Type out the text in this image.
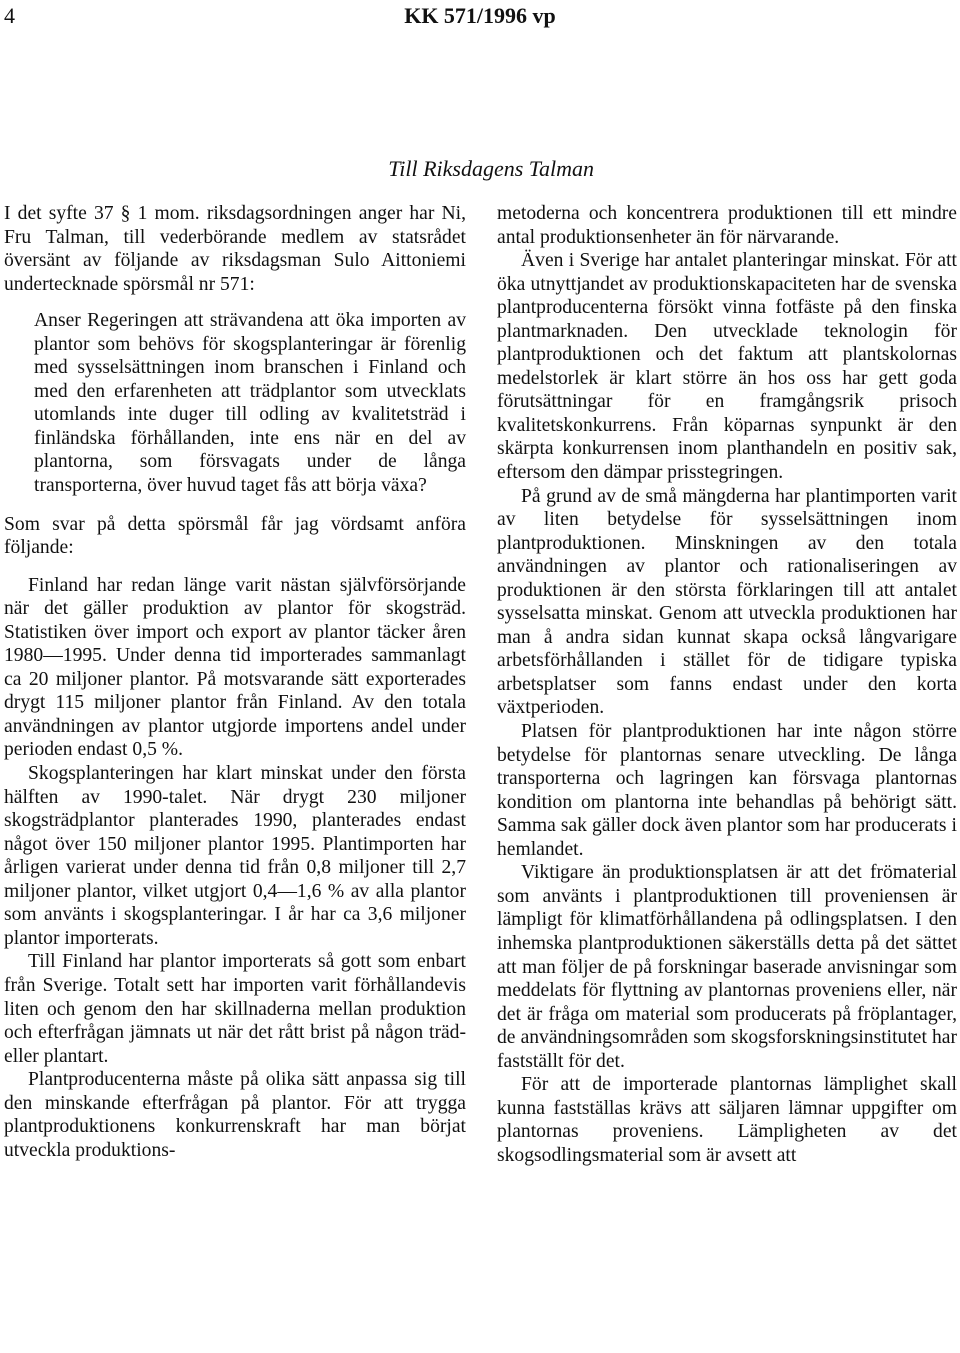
4	KK 571/1996 vp
Till Riksdagens Talman

I det syfte 37 § 1 mom. riksdagsordningen anger har Ni, Fru Talman, till vederbörande medlem av statsrådet översänt av följande av riksdagsman Sulo Aittoniemi undertecknade spörsmål nr 571:

Anser Regeringen att strävandena att öka importen av plantor som behövs för skogsplanteringar är förenlig med sysselsättningen inom branschen i Finland och med den erfarenheten att trädplantor som utvecklats utomlands inte duger till odling av kvalitetsträd i finländska förhållanden, inte ens när en del av plantorna, som försvagats under de långa transporterna, över huvud taget fås att börja växa?

Som svar på detta spörsmål får jag vördsamt anföra följande:

Finland har redan länge varit nästan självförsörjande när det gäller produktion av plantor för skogsträd. Statistiken över import och export av plantor täcker åren 1980—1995. Under denna tid importerades sammanlagt ca 20 miljoner plantor. På motsvarande sätt exporterades drygt 115 miljoner plantor från Finland. Av den totala användningen av plantor utgjorde importens andel under perioden endast 0,5 %.

Skogsplanteringen har klart minskat under den första hälften av 1990-talet. När drygt 230 miljoner skogsträdplantor planterades 1990, planterades endast något över 150 miljoner plantor 1995. Plantimporten har årligen varierat under denna tid från 0,8 miljoner till 2,7 miljoner plantor, vilket utgjort 0,4—1,6 % av alla plantor som använts i skogsplanteringar. I år har ca 3,6 miljoner plantor importerats.

Till Finland har plantor importerats så gott som enbart från Sverige. Totalt sett har importen varit förhållandevis liten och genom den har skillnaderna mellan produktion och efterfrågan jämnats ut när det rått brist på någon träd- eller plantart.

Plantproducenterna måste på olika sätt anpassa sig till den minskande efterfrågan på plantor. För att trygga plantproduktionens konkurrenskraft har man börjat utveckla produktions-

metoderna och koncentrera produktionen till ett mindre antal produktionsenheter än för närvarande.

Även i Sverige har antalet planteringar minskat. För att öka utnyttjandet av produktionskapaciteten har de svenska plantproducenterna försökt vinna fotfäste på den finska plantmarknaden. Den utvecklade teknologin för plantproduktionen och det faktum att plantskolornas medelstorlek är klart större än hos oss har gett goda förutsättningar för en framgångsrik prisoch kvalitetskonkurrens. Från köparnas synpunkt är den skärpta konkurrensen inom planthandeln en positiv sak, eftersom den dämpar prisstegringen.

På grund av de små mängderna har plantimporten varit av liten betydelse för sysselsättningen inom plantproduktionen. Minskningen av den totala användningen av plantor och rationaliseringen av produktionen är den största förklaringen till att antalet sysselsatta minskat. Genom att utveckla produktionen har man å andra sidan kunnat skapa också långvarigare arbetsförhållanden i stället för de tidigare typiska arbetsplatser som fanns endast under den korta växtperioden.

Platsen för plantproduktionen har inte någon större betydelse för plantornas senare utveckling. De långa transporterna och lagringen kan försvaga plantornas kondition om plantorna inte behandlas på behörigt sätt. Samma sak gäller dock även plantor som har producerats i hemlandet.

Viktigare än produktionsplatsen är att det frömaterial som använts i plantproduktionen till proveniensen är lämpligt för klimatförhållandena på odlingsplatsen. I den inhemska plantproduktionen säkerställs detta på det sättet att man följer de på forskningar baserade anvisningar som meddelats för flyttning av plantornas proveniens eller, när det är fråga om material som producerats på fröplantager, de användningsområden som skogsforskningsinstitutet har fastställt för det.

För att de importerade plantornas lämplighet skall kunna fastställas krävs att säljaren lämnar uppgifter om plantornas proveniens. Lämpligheten av det skogsodlingsmaterial som är avsett att
